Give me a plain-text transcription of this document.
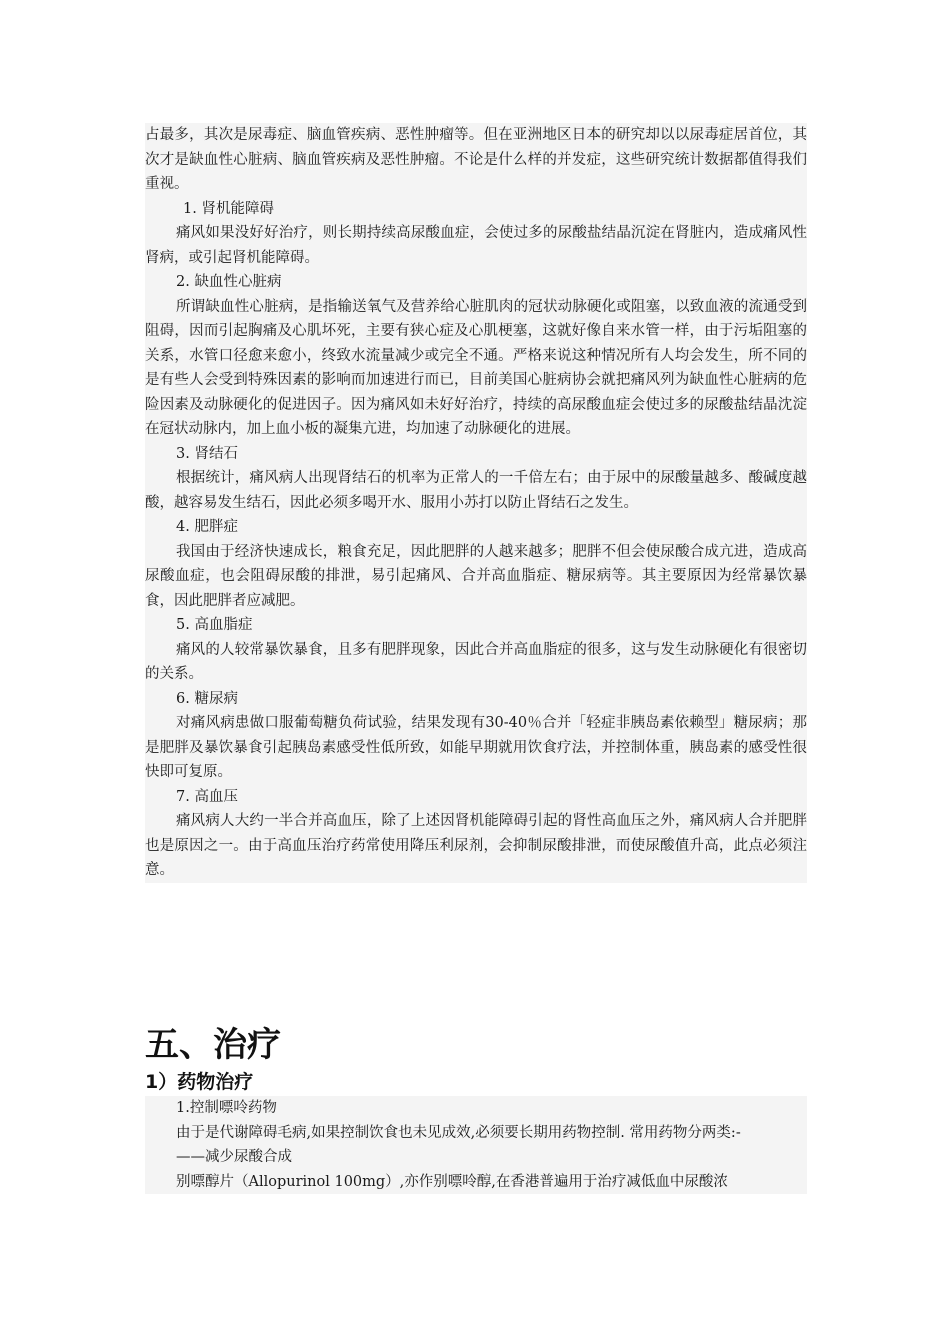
占最多，其次是尿毒症、脑血管疾病、恶性肿瘤等。但在亚洲地区日本的研究却以以尿毒症居首位，其次才是缺血性心脏病、脑血管疾病及恶性肿瘤。不论是什么样的并发症，这些研究统计数据都值得我们重视。

1. 肾机能障碍

痛风如果没好好治疗，则长期持续高尿酸血症，会使过多的尿酸盐结晶沉淀在肾脏内，造成痛风性肾病，或引起肾机能障碍。

2. 缺血性心脏病

所谓缺血性心脏病，是指输送氧气及营养给心脏肌肉的冠状动脉硬化或阻塞，以致血液的流通受到阻碍，因而引起胸痛及心肌坏死，主要有狭心症及心肌梗塞，这就好像自来水管一样，由于污垢阻塞的关系，水管口径愈来愈小，终致水流量减少或完全不通。严格来说这种情况所有人均会发生，所不同的是有些人会受到特殊因素的影响而加速进行而已，目前美国心脏病协会就把痛风列为缺血性心脏病的危险因素及动脉硬化的促进因子。因为痛风如未好好治疗，持续的高尿酸血症会使过多的尿酸盐结晶沈淀在冠状动脉内，加上血小板的凝集亢进，均加速了动脉硬化的进展。

3. 肾结石

根据统计，痛风病人出现肾结石的机率为正常人的一千倍左右；由于尿中的尿酸量越多、酸碱度越酸，越容易发生结石，因此必须多喝开水、服用小苏打以防止肾结石之发生。

4. 肥胖症

我国由于经济快速成长，粮食充足，因此肥胖的人越来越多；肥胖不但会使尿酸合成亢进，造成高尿酸血症，也会阻碍尿酸的排泄，易引起痛风、合并高血脂症、糖尿病等。其主要原因为经常暴饮暴食，因此肥胖者应减肥。

5. 高血脂症

痛风的人较常暴饮暴食，且多有肥胖现象，因此合并高血脂症的很多，这与发生动脉硬化有很密切的关系。

6. 糖尿病

对痛风病患做口服葡萄糖负荷试验，结果发现有30-40％合并「轻症非胰岛素依赖型」糖尿病；那是肥胖及暴饮暴食引起胰岛素感受性低所致，如能早期就用饮食疗法，并控制体重，胰岛素的感受性很快即可复原。

7. 高血压

痛风病人大约一半合并高血压，除了上述因肾机能障碍引起的肾性高血压之外，痛风病人合并肥胖也是原因之一。由于高血压治疗药常使用降压利尿剂，会抑制尿酸排泄，而使尿酸值升高，此点必须注意。

五、治疗
1）药物治疗

1.控制嘌呤药物

由于是代谢障碍毛病,如果控制饮食也未见成效,必须要长期用药物控制. 常用药物分两类:-

——减少尿酸合成

别嘌醇片（Allopurinol 100mg）,亦作别嘌呤醇,在香港普遍用于治疗减低血中尿酸浓
